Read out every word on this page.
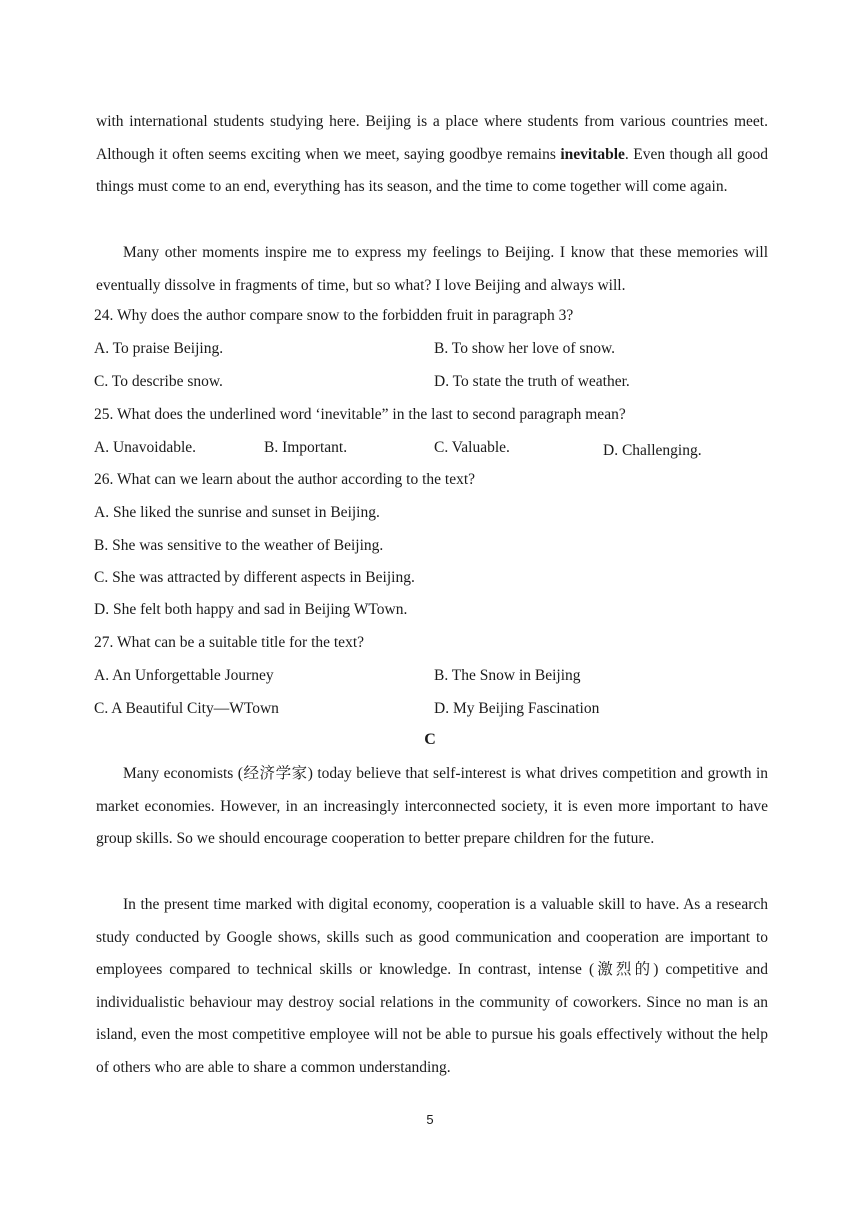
with international students studying here. Beijing is a place where students from various countries meet. Although it often seems exciting when we meet, saying goodbye remains inevitable. Even though all good things must come to an end, everything has its season, and the time to come together will come again.
Many other moments inspire me to express my feelings to Beijing. I know that these memories will eventually dissolve in fragments of time, but so what? I love Beijing and always will.
24. Why does the author compare snow to the forbidden fruit in paragraph 3?
A. To praise Beijing.	B. To show her love of snow.
C. To describe snow.	D. To state the truth of weather.
25. What does the underlined word ‘inevitable” in the last to second paragraph mean?
A. Unavoidable.	B. Important.	C. Valuable.	D. Challenging.
26. What can we learn about the author according to the text?
A. She liked the sunrise and sunset in Beijing.
B. She was sensitive to the weather of Beijing.
C. She was attracted by different aspects in Beijing.
D. She felt both happy and sad in Beijing WTown.
27. What can be a suitable title for the text?
A. An Unforgettable Journey	B. The Snow in Beijing
C. A Beautiful City—WTown	D. My Beijing Fascination
C
Many economists (经济学家) today believe that self-interest is what drives competition and growth in market economies. However, in an increasingly interconnected society, it is even more important to have group skills. So we should encourage cooperation to better prepare children for the future.
In the present time marked with digital economy, cooperation is a valuable skill to have. As a research study conducted by Google shows, skills such as good communication and cooperation are important to employees compared to technical skills or knowledge. In contrast, intense (激烈的) competitive and individualistic behaviour may destroy social relations in the community of coworkers. Since no man is an island, even the most competitive employee will not be able to pursue his goals effectively without the help of others who are able to share a common understanding.
5
